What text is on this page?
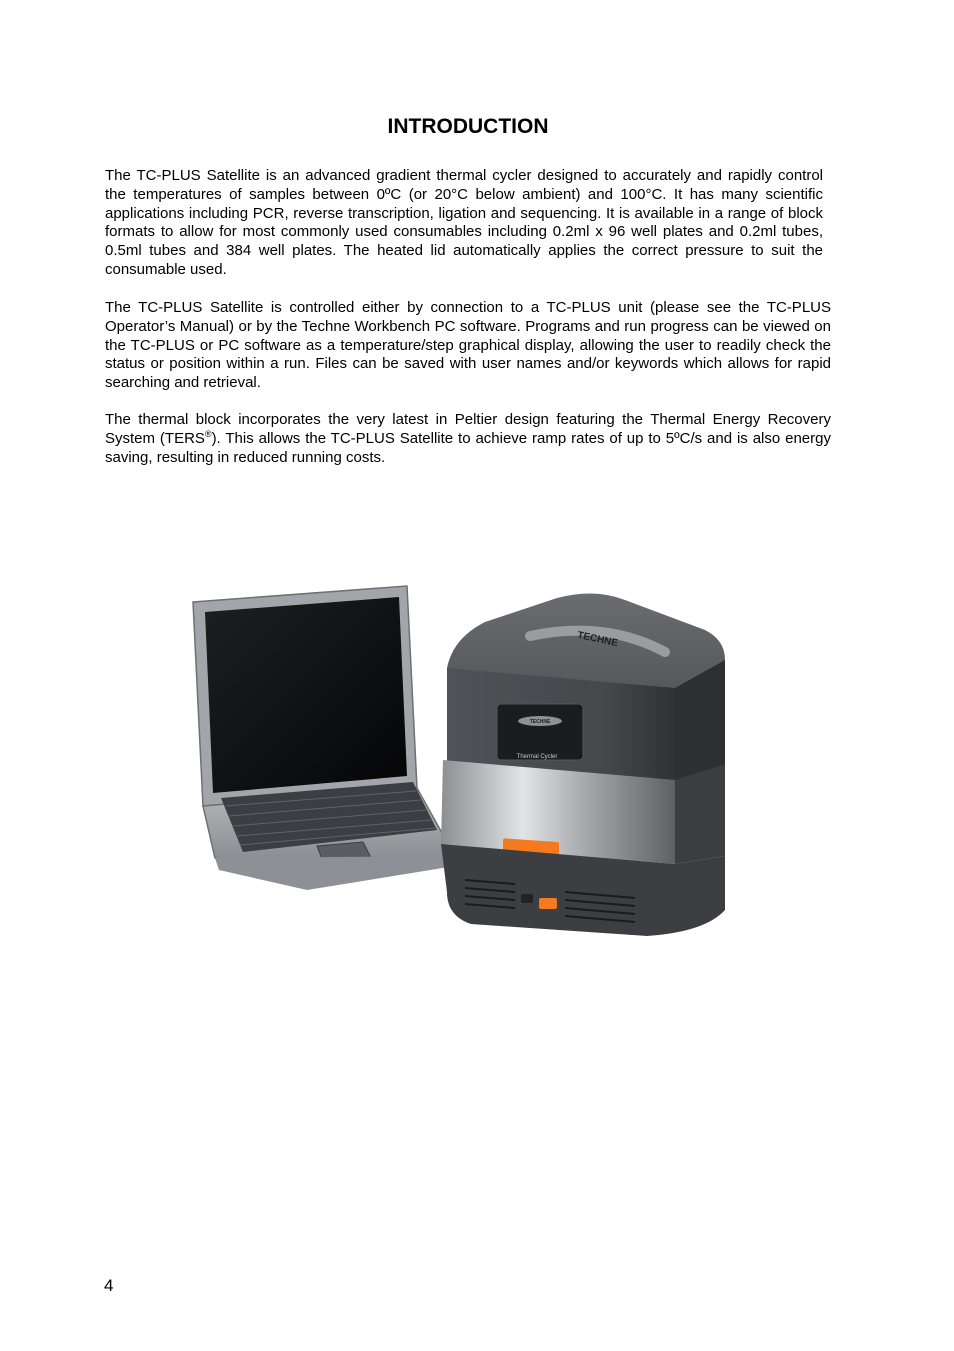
INTRODUCTION

The TC-PLUS Satellite is an advanced gradient thermal cycler designed to accurately and rapidly control the temperatures of samples between 0ºC (or 20°C below ambient) and 100°C. It has many scientific applications including PCR, reverse transcription, ligation and sequencing. It is available in a range of block formats to allow for most commonly used consumables including 0.2ml x 96 well plates and 0.2ml tubes, 0.5ml tubes and 384 well plates. The heated lid automatically applies the correct pressure to suit the consumable used.

The TC-PLUS Satellite is controlled either by connection to a TC-PLUS unit (please see the TC-PLUS Operator’s Manual) or by the Techne Workbench PC software. Programs and run progress can be viewed on the TC-PLUS or PC software as a temperature/step graphical display, allowing the user to readily check the status or position within a run. Files can be saved with user names and/or keywords which allows for rapid searching and retrieval.

The thermal block incorporates the very latest in Peltier design featuring the Thermal Energy Recovery System (TERS®). This allows the TC-PLUS Satellite to achieve ramp rates of up to 5ºC/s and is also energy saving, resulting in reduced running costs.

TECHNE
TECHNE
Thermal Cycler

4
